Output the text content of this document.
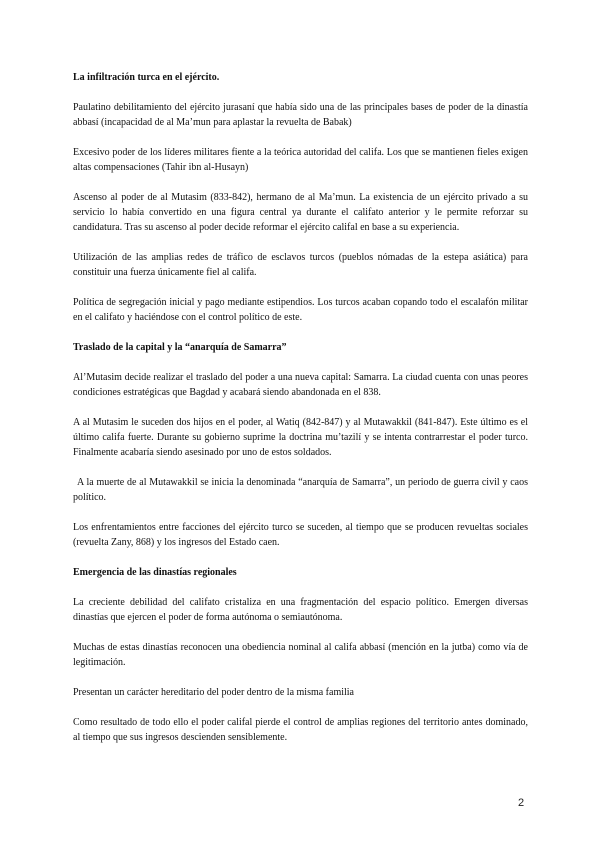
La infiltración turca en el ejército.

Paulatino debilitamiento del ejército jurasaní que había sido una de las principales bases de poder de la dinastía abbasí (incapacidad de al Ma’mun para aplastar la revuelta de Babak)

Excesivo poder de los líderes militares fiente a la teórica autoridad del califa. Los que se mantienen fieles exigen altas compensaciones (Tahir ibn al-Husayn)

Ascenso al poder de al Mutasim (833-842), hermano de al Ma’mun. La existencia de un ejército privado a su servicio lo había convertido en una figura central ya durante el califato anterior y le permite reforzar su candidatura. Tras su ascenso al poder decide reformar el ejército califal en base a su experiencia.

Utilización de las amplias redes de tráfico de esclavos turcos (pueblos nómadas de la estepa asiática) para constituir una fuerza únicamente fiel al califa.

Política de segregación inicial y pago mediante estipendios. Los turcos acaban copando todo el escalafón militar en el califato y haciéndose con el control político de este.

Traslado de la capital y la “anarquía de Samarra”

Al’Mutasim decide realizar el traslado del poder a una nueva capital: Samarra. La ciudad cuenta con unas peores condiciones estratégicas que Bagdad y acabará siendo abandonada en el 838.

A al Mutasim le suceden dos hijos en el poder, al Watiq (842-847) y al Mutawakkil (841-847). Este último es el último califa fuerte. Durante su gobierno suprime la doctrina mu’tazilí y se intenta contrarrestar el poder turco. Finalmente acabaría siendo asesinado por uno de estos soldados.

A la muerte de al Mutawakkil se inicia la denominada “anarquía de Samarra”, un periodo de guerra civil y caos político.

Los enfrentamientos entre facciones del ejército turco se suceden, al tiempo que se producen revueltas sociales (revuelta Zany, 868) y los ingresos del Estado caen.

Emergencia de las dinastías regionales

La creciente debilidad del califato cristaliza en una fragmentación del espacio político. Emergen diversas dinastías que ejercen el poder de forma autónoma o semiautónoma.

Muchas de estas dinastías reconocen una obediencia nominal al califa abbasí (mención en la jutba) como vía de legitimación.

Presentan un carácter hereditario del poder dentro de la misma familia

Como resultado de todo ello el poder califal pierde el control de amplias regiones del territorio antes dominado, al tiempo que sus ingresos descienden sensiblemente.

2
